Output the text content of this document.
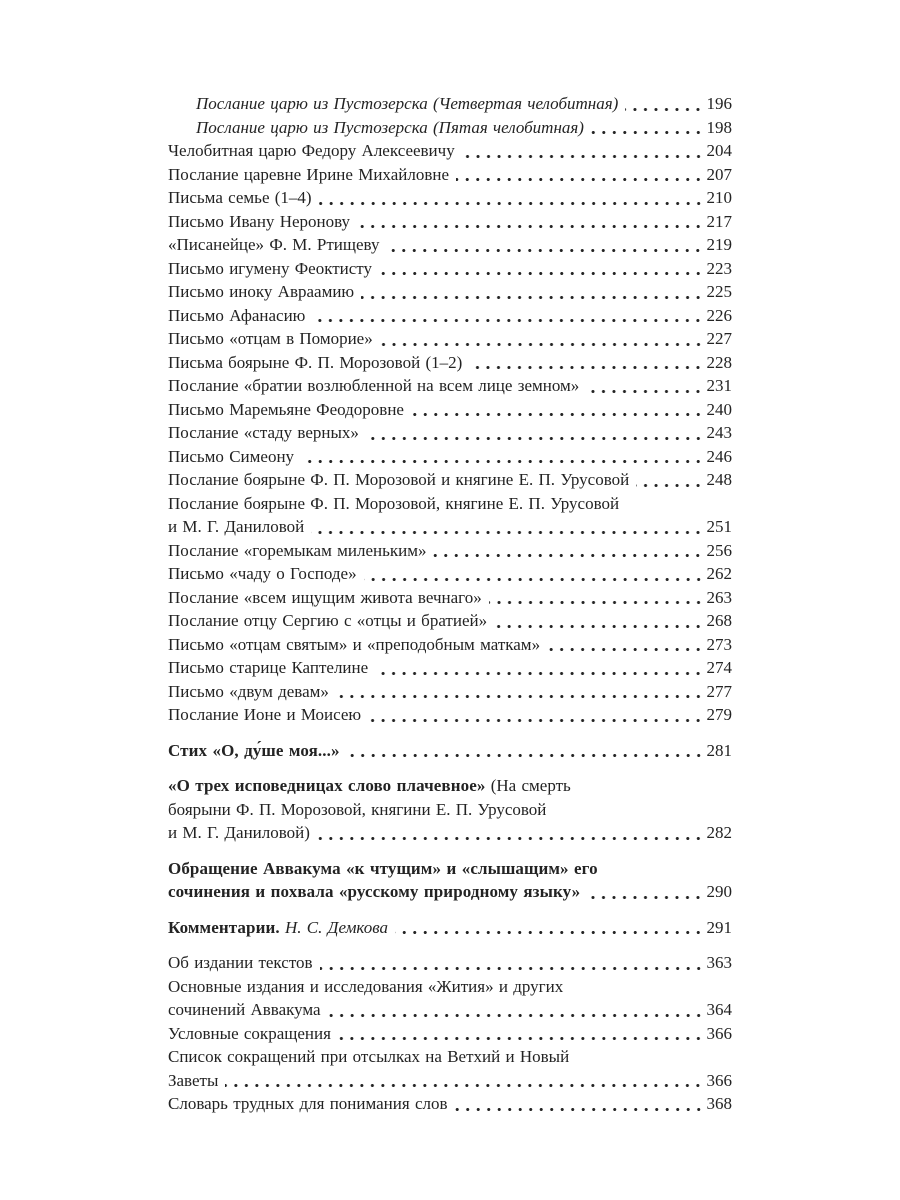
Послание царю из Пустозерска (Четвертая челобитная)	196
Послание царю из Пустозерска (Пятая челобитная)	198
Челобитная царю Федору Алексеевичу	204
Послание царевне Ирине Михайловне	207
Письма семье (1–4)	210
Письмо Ивану Неронову	217
«Писанейце» Ф. М. Ртищеву	219
Письмо игумену Феоктисту	223
Письмо иноку Авраамию	225
Письмо Афанасию	226
Письмо «отцам в Поморие»	227
Письма боярыне Ф. П. Морозовой (1–2)	228
Послание «братии возлюбленной на всем лице земном»	231
Письмо Маремьяне Феодоровне	240
Послание «стаду верных»	243
Письмо Симеону	246
Послание боярыне Ф. П. Морозовой и княгине Е. П. Урусовой	248
Послание боярыне Ф. П. Морозовой, княгине Е. П. Урусовой
и М. Г. Даниловой	251
Послание «горемыкам миленьким»	256
Письмо «чаду о Господе»	262
Послание «всем ищущим живота вечнаго»	263
Послание отцу Сергию с «отцы и братией»	268
Письмо «отцам святым» и «преподобным маткам»	273
Письмо старице Каптелине	274
Письмо «двум девам»	277
Послание Ионе и Моисею	279
Стих «О, ду́ше моя...»	281
«О трех исповедницах слово плачевное» (На смерть
боярыни Ф. П. Морозовой, княгини Е. П. Урусовой
и М. Г. Даниловой)	282
Обращение Аввакума «к чтущим» и «слышащим» его
сочинения и похвала «русскому природному языку»	290
Комментарии. Н. С. Демкова	291
Об издании текстов	363
Основные издания и исследования «Жития» и других
сочинений Аввакума	364
Условные сокращения	366
Список сокращений при отсылках на Ветхий и Новый
Заветы	366
Словарь трудных для понимания слов	368
